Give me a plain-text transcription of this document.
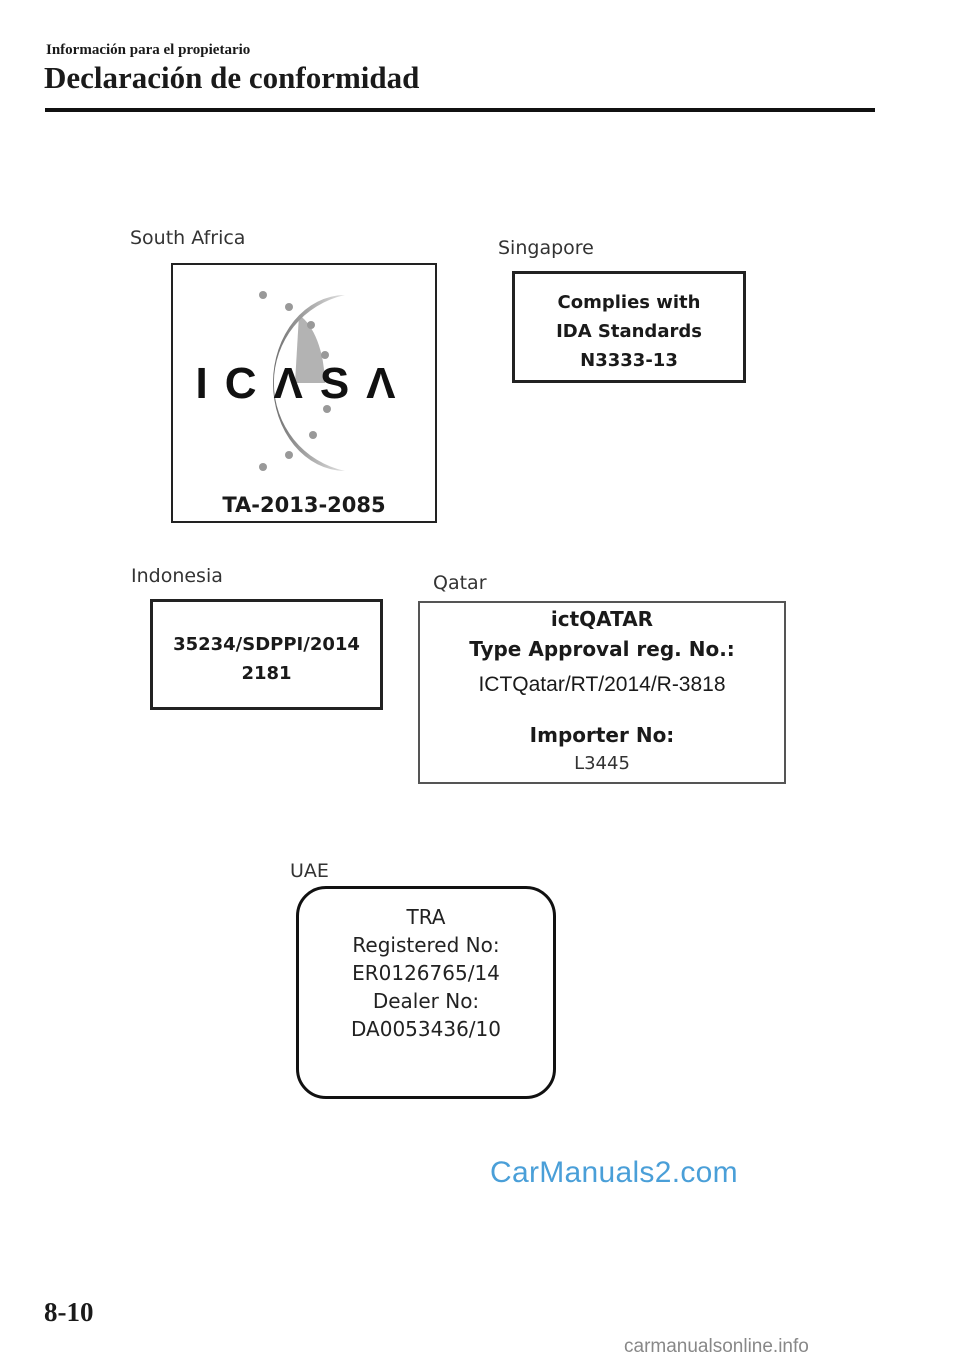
Información para el propietario
Declaración de conformidad
South Africa
ICΛSΛ
TA-2013-2085
Singapore
Complies with
IDA Standards
N3333-13
Indonesia
35234/SDPPI/2014
2181
Qatar
ictQATAR
Type Approval reg. No.:
ICTQatar/RT/2014/R-3818
Importer No:
L3445
UAE
TRA
Registered No:
ER0126765/14
Dealer No:
DA0053436/10
CarManuals2.com
8-10
carmanualsonline.info
